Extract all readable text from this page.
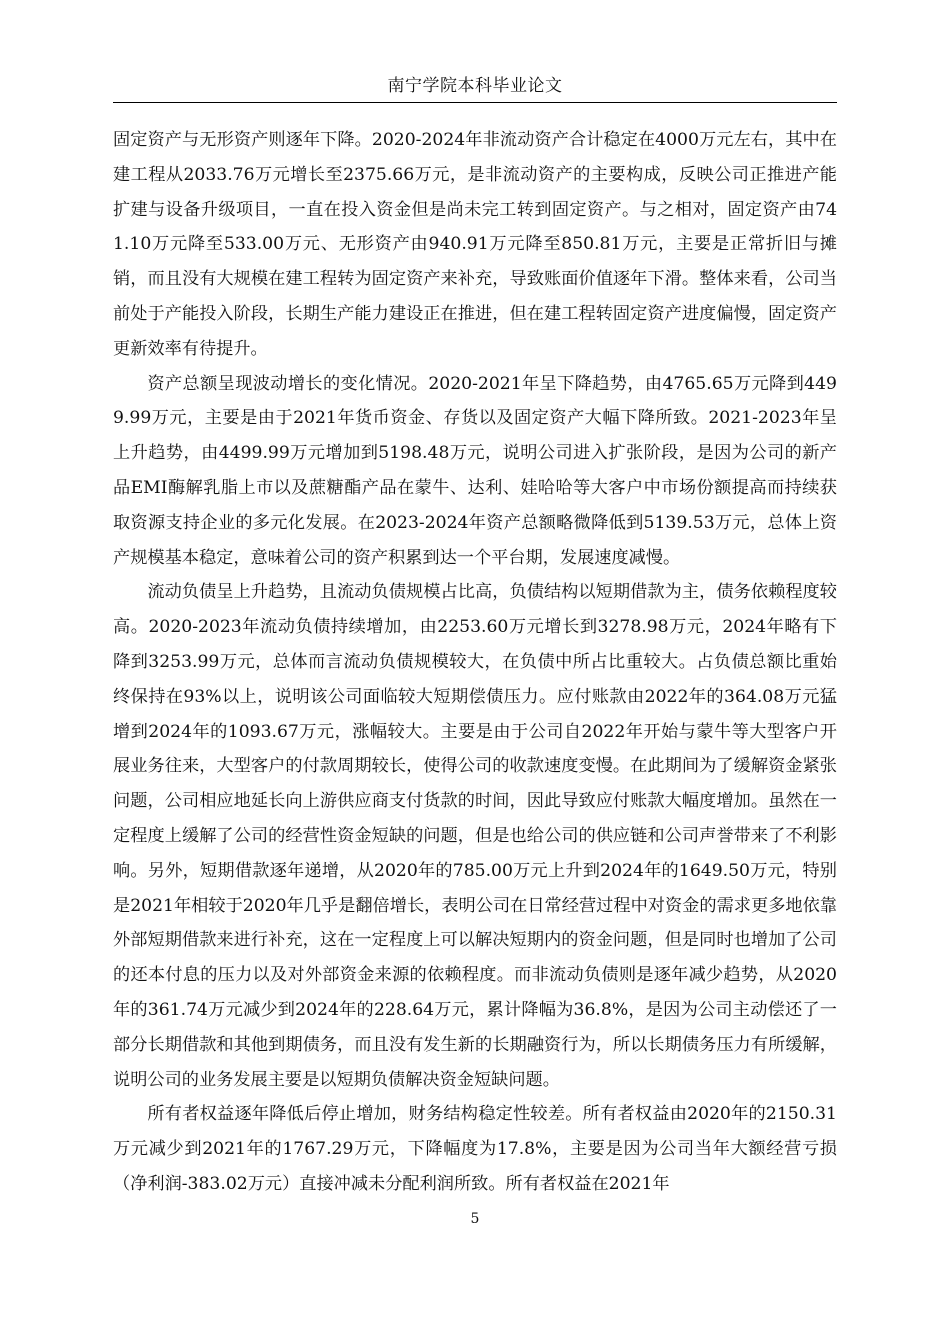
南宁学院本科毕业论文

固定资产与无形资产则逐年下降。2020-2024年非流动资产合计稳定在4000万元左右，其中在建工程从2033.76万元增长至2375.66万元，是非流动资产的主要构成，反映公司正推进产能扩建与设备升级项目，一直在投入资金但是尚未完工转到固定资产。与之相对，固定资产由741.10万元降至533.00万元、无形资产由940.91万元降至850.81万元，主要是正常折旧与摊销，而且没有大规模在建工程转为固定资产来补充，导致账面价值逐年下滑。整体来看，公司当前处于产能投入阶段，长期生产能力建设正在推进，但在建工程转固定资产进度偏慢，固定资产更新效率有待提升。

资产总额呈现波动增长的变化情况。2020-2021年呈下降趋势，由4765.65万元降到4499.99万元，主要是由于2021年货币资金、存货以及固定资产大幅下降所致。2021-2023年呈上升趋势，由4499.99万元增加到5198.48万元，说明公司进入扩张阶段，是因为公司的新产品EMI酶解乳脂上市以及蔗糖酯产品在蒙牛、达利、娃哈哈等大客户中市场份额提高而持续获取资源支持企业的多元化发展。在2023-2024年资产总额略微降低到5139.53万元，总体上资产规模基本稳定，意味着公司的资产积累到达一个平台期，发展速度减慢。

流动负债呈上升趋势，且流动负债规模占比高，负债结构以短期借款为主，债务依赖程度较高。2020-2023年流动负债持续增加，由2253.60万元增长到3278.98万元，2024年略有下降到3253.99万元，总体而言流动负债规模较大，在负债中所占比重较大。占负债总额比重始终保持在93%以上，说明该公司面临较大短期偿债压力。应付账款由2022年的364.08万元猛增到2024年的1093.67万元，涨幅较大。主要是由于公司自2022年开始与蒙牛等大型客户开展业务往来，大型客户的付款周期较长，使得公司的收款速度变慢。在此期间为了缓解资金紧张问题，公司相应地延长向上游供应商支付货款的时间，因此导致应付账款大幅度增加。虽然在一定程度上缓解了公司的经营性资金短缺的问题，但是也给公司的供应链和公司声誉带来了不利影响。另外，短期借款逐年递增，从2020年的785.00万元上升到2024年的1649.50万元，特别是2021年相较于2020年几乎是翻倍增长，表明公司在日常经营过程中对资金的需求更多地依靠外部短期借款来进行补充，这在一定程度上可以解决短期内的资金问题，但是同时也增加了公司的还本付息的压力以及对外部资金来源的依赖程度。而非流动负债则是逐年减少趋势，从2020年的361.74万元减少到2024年的228.64万元，累计降幅为36.8%，是因为公司主动偿还了一部分长期借款和其他到期债务，而且没有发生新的长期融资行为，所以长期债务压力有所缓解，说明公司的业务发展主要是以短期负债解决资金短缺问题。

所有者权益逐年降低后停止增加，财务结构稳定性较差。所有者权益由2020年的2150.31万元减少到2021年的1767.29万元，下降幅度为17.8%，主要是因为公司当年大额经营亏损（净利润-383.02万元）直接冲减未分配利润所致。所有者权益在2021年

5
